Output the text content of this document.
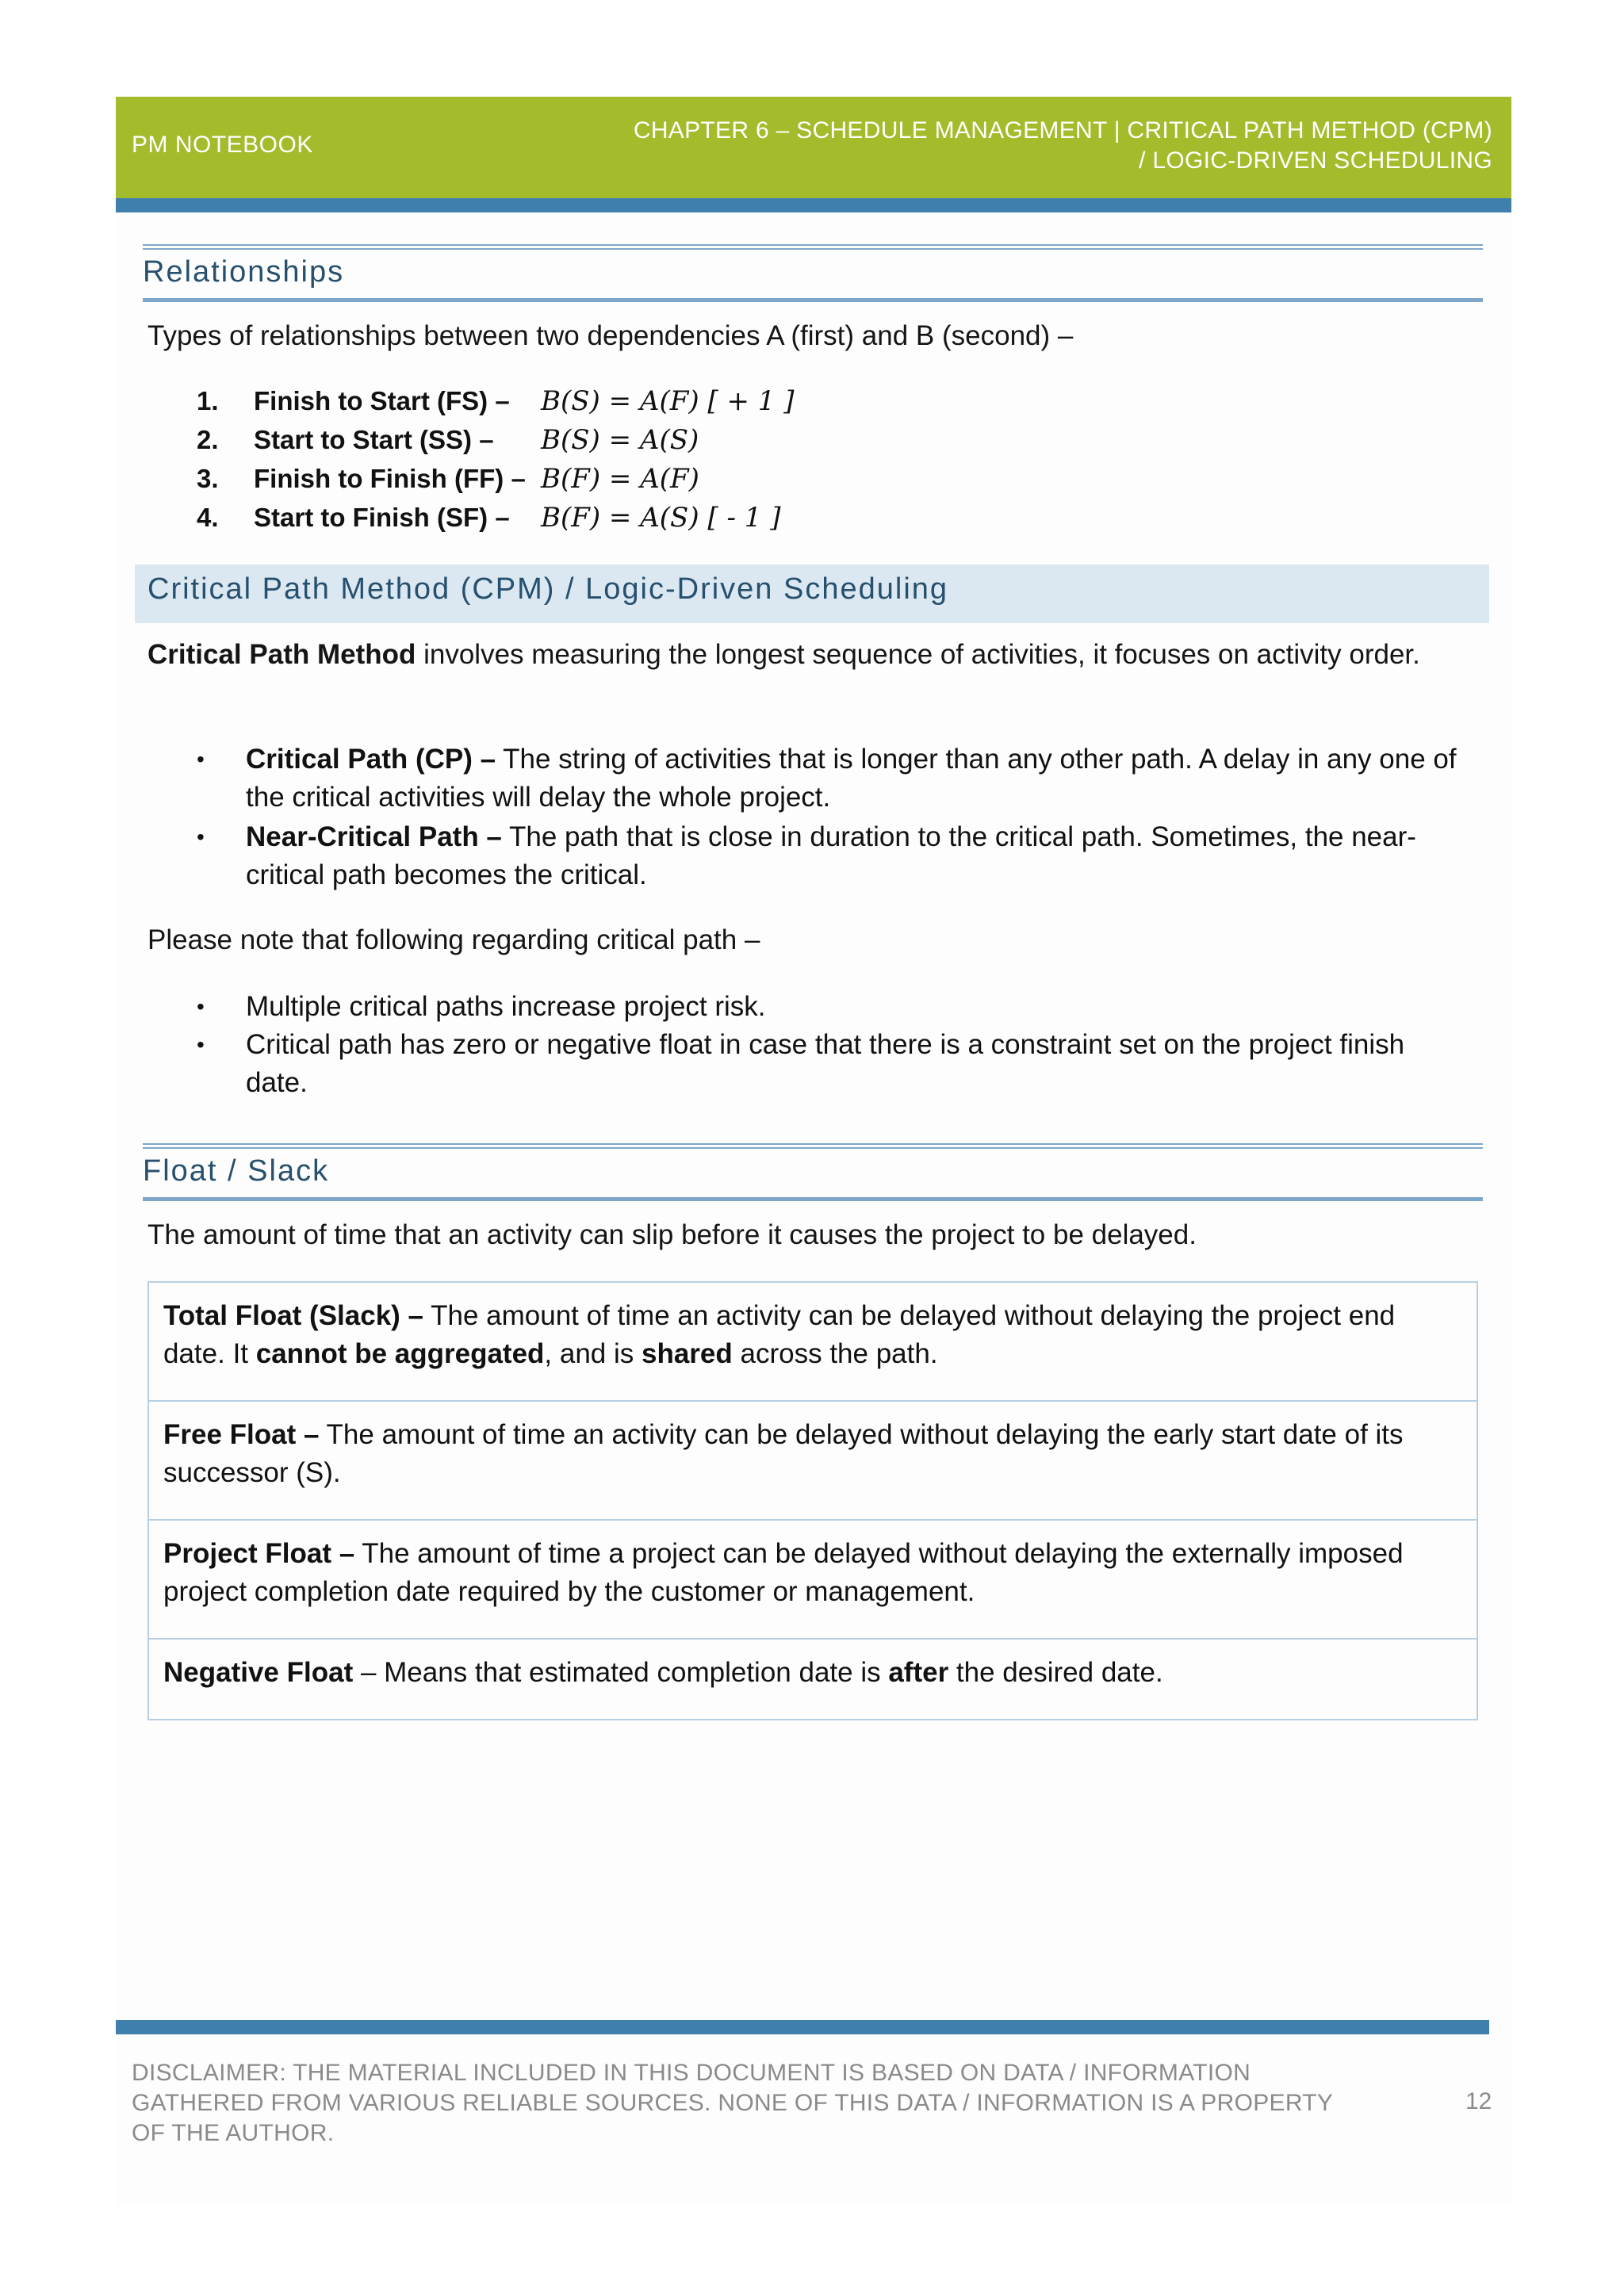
PM NOTEBOOK
CHAPTER 6 – SCHEDULE MANAGEMENT | CRITICAL PATH METHOD (CPM)
/ LOGIC-DRIVEN SCHEDULING
Relationships
Types of relationships between two dependencies A (first) and B (second) –
1.	Finish to Start (FS) – B(S) = A(F) [ + 1 ]
2.	Start to Start (SS) – B(S) = A(S)
3.	Finish to Finish (FF) – B(F) = A(F)
4.	Start to Finish (SF) – B(F) = A(S) [ - 1 ]
Critical Path Method (CPM) / Logic-Driven Scheduling
Critical Path Method involves measuring the longest sequence of activities, it focuses on activity order.
• Critical Path (CP) – The string of activities that is longer than any other path. A delay in any one of the critical activities will delay the whole project.
• Near-Critical Path – The path that is close in duration to the critical path. Sometimes, the near-critical path becomes the critical.
Please note that following regarding critical path –
• Multiple critical paths increase project risk.
• Critical path has zero or negative float in case that there is a constraint set on the project finish date.
Float / Slack
The amount of time that an activity can slip before it causes the project to be delayed.
Total Float (Slack) – The amount of time an activity can be delayed without delaying the project end date. It cannot be aggregated, and is shared across the path.
Free Float – The amount of time an activity can be delayed without delaying the early start date of its successor (S).
Project Float – The amount of time a project can be delayed without delaying the externally imposed project completion date required by the customer or management.
Negative Float – Means that estimated completion date is after the desired date.
DISCLAIMER: THE MATERIAL INCLUDED IN THIS DOCUMENT IS BASED ON DATA / INFORMATION
GATHERED FROM VARIOUS RELIABLE SOURCES. NONE OF THIS DATA / INFORMATION IS A PROPERTY
OF THE AUTHOR.
12
